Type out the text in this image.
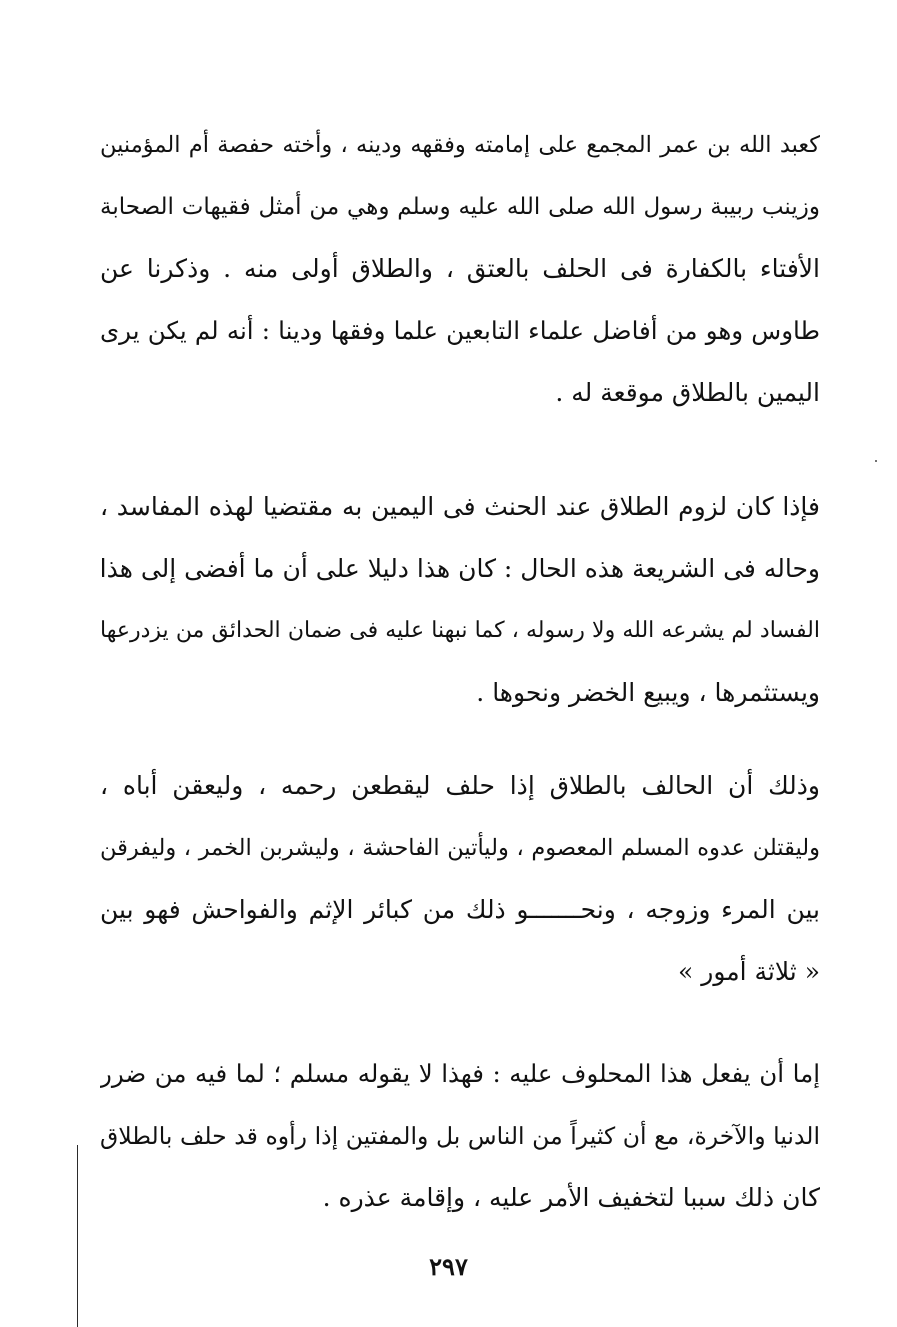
كعبد الله بن عمر المجمع على إمامته وفقهه ودينه ، وأخته حفصة أم المؤمنين
وزينب ربيبة رسول الله صلى الله عليه وسلم وهي من أمثل فقيهات الصحابة
الأفتاء بالكفارة فى الحلف بالعتق ، والطلاق أولى منه . وذكرنا عن
طاوس وهو من أفاضل علماء التابعين علما وفقها ودينا : أنه لم يكن يرى
اليمين بالطلاق موقعة له .
فإذا كان لزوم الطلاق عند الحنث فى اليمين به مقتضيا لهذه المفاسد ،
وحاله فى الشريعة هذه الحال : كان هذا دليلا على أن ما أفضى إلى هذا
الفساد لم يشرعه الله ولا رسوله ، كما نبهنا عليه فى ضمان الحدائق من يزدرعها
ويستثمرها ، ويبيع الخضر ونحوها .
وذلك أن الحالف بالطلاق إذا حلف ليقطعن رحمه ، وليعقن أباه ،
وليقتلن عدوه المسلم المعصوم ، وليأتين الفاحشة ، وليشربن الخمر ، وليفرقن
بين المرء وزوجه ، ونحـــــــو ذلك من كبائر الإثم والفواحش فهو بين
« ثلاثة أمور »
إما أن يفعل هذا المحلوف عليه : فهذا لا يقوله مسلم ؛ لما فيه من ضرر
الدنيا والآخرة، مع أن كثيراً من الناس بل والمفتين إذا رأوه قد حلف بالطلاق
كان ذلك سببا لتخفيف الأمر عليه ، وإقامة عذره .
٢٩٧
